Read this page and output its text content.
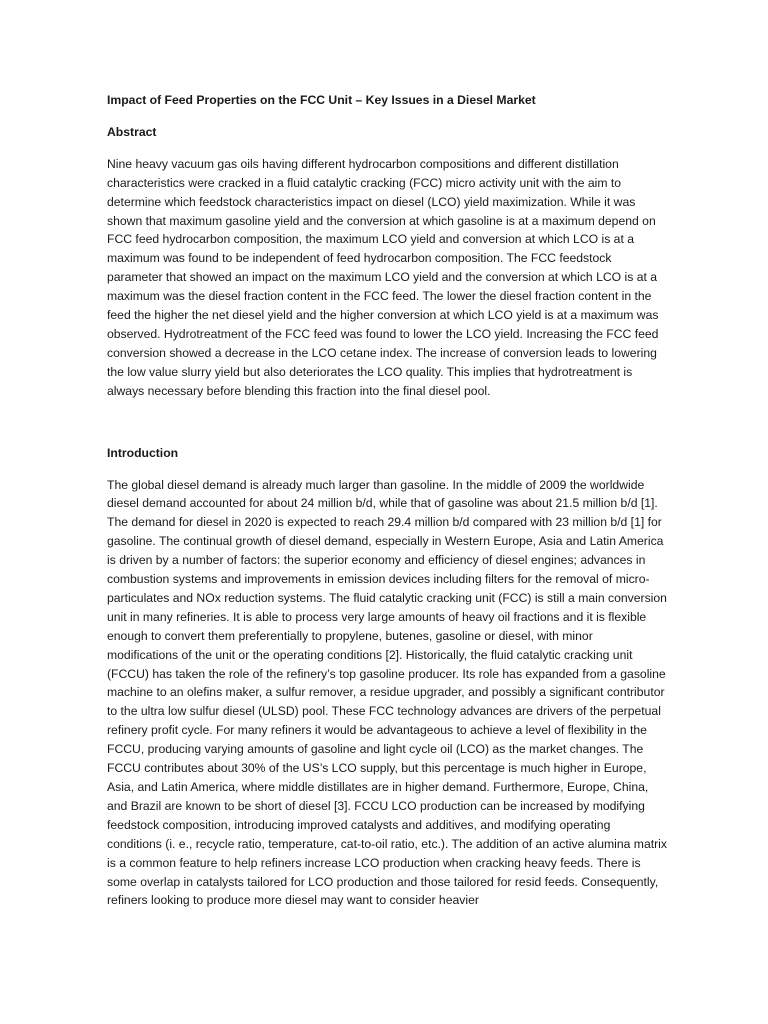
Impact of Feed Properties on the FCC Unit – Key Issues in a Diesel Market

Abstract

Nine heavy vacuum gas oils having different hydrocarbon compositions and different distillation characteristics were cracked in a fluid catalytic cracking (FCC) micro activity unit with the aim to determine which feedstock characteristics impact on diesel (LCO) yield maximization. While it was shown that maximum gasoline yield and the conversion at which gasoline is at a maximum depend on FCC feed hydrocarbon composition, the maximum LCO yield and conversion at which LCO is at a maximum was found to be independent of feed hydrocarbon composition. The FCC feedstock parameter that showed an impact on the maximum LCO yield and the conversion at which LCO is at a maximum was the diesel fraction content in the FCC feed. The lower the diesel fraction content in the feed the higher the net diesel yield and the higher conversion at which LCO yield is at a maximum was observed. Hydrotreatment of the FCC feed was found to lower the LCO yield. Increasing the FCC feed conversion showed a decrease in the LCO cetane index. The increase of conversion leads to lowering the low value slurry yield but also deteriorates the LCO quality. This implies that hydrotreatment is always necessary before blending this fraction into the final diesel pool.

Introduction

The global diesel demand is already much larger than gasoline. In the middle of 2009 the worldwide diesel demand accounted for about 24 million b/d, while that of gasoline was about 21.5 million b/d [1]. The demand for diesel in 2020 is expected to reach 29.4 million b/d compared with 23 million b/d [1] for gasoline. The continual growth of diesel demand, especially in Western Europe, Asia and Latin America is driven by a number of factors: the superior economy and efficiency of diesel engines; advances in combustion systems and improvements in emission devices including filters for the removal of micro-particulates and NOx reduction systems. The fluid catalytic cracking unit (FCC) is still a main conversion unit in many refineries. It is able to process very large amounts of heavy oil fractions and it is flexible enough to convert them preferentially to propylene, butenes, gasoline or diesel, with minor modifications of the unit or the operating conditions [2]. Historically, the fluid catalytic cracking unit (FCCU) has taken the role of the refinery’s top gasoline producer. Its role has expanded from a gasoline machine to an olefins maker, a sulfur remover, a residue upgrader, and possibly a significant contributor to the ultra low sulfur diesel (ULSD) pool. These FCC technology advances are drivers of the perpetual refinery profit cycle. For many refiners it would be advantageous to achieve a level of flexibility in the FCCU, producing varying amounts of gasoline and light cycle oil (LCO) as the market changes. The FCCU contributes about 30% of the US’s LCO supply, but this percentage is much higher in Europe, Asia, and Latin America, where middle distillates are in higher demand. Furthermore, Europe, China, and Brazil are known to be short of diesel [3]. FCCU LCO production can be increased by modifying feedstock composition, introducing improved catalysts and additives, and modifying operating conditions (i. e., recycle ratio, temperature, cat-to-oil ratio, etc.). The addition of an active alumina matrix is a common feature to help refiners increase LCO production when cracking heavy feeds. There is some overlap in catalysts tailored for LCO production and those tailored for resid feeds. Consequently, refiners looking to produce more diesel may want to consider heavier
